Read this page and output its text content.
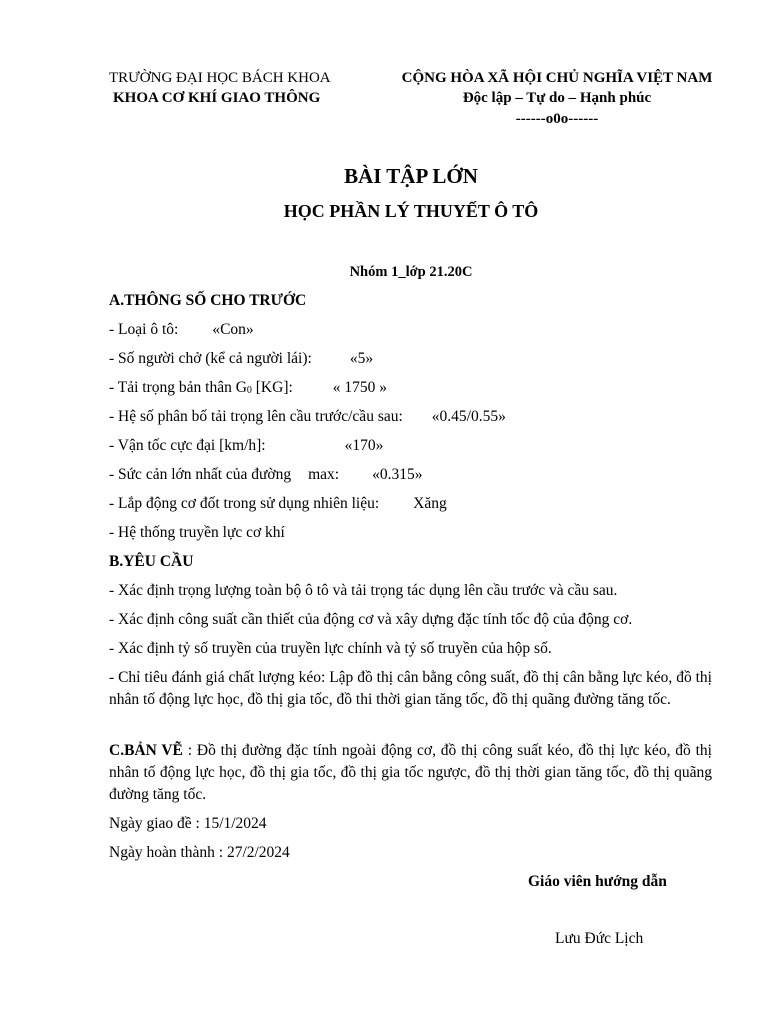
TRƯỜNG ĐẠI HỌC BÁCH KHOA
KHOA CƠ KHÍ GIAO THÔNG
CỘNG HÒA XÃ HỘI CHỦ NGHĨA VIỆT NAM
Độc lập – Tự do – Hạnh phúc
------o0o------
BÀI TẬP LỚN
HỌC PHẦN LÝ THUYẾT Ô TÔ
Nhóm 1_lớp 21.20C
A.THÔNG SỐ CHO TRƯỚC
- Loại ô tô: «Con»
- Số người chở (kể cả người lái): «5»
- Tải trọng bản thân $G_0$ [KG]:	« 1750 »
- Hệ số phân bố tải trọng lên cầu trước/cầu sau: «0.45/0.55»
- Vận tốc cực đại [km/h]:	«170»
- Sức cản lớn nhất của đường max: «0.315»
- Lắp động cơ đốt trong sử dụng nhiên liệu: Xăng
- Hệ thống truyền lực cơ khí
B.YÊU CẦU
- Xác định trọng lượng toàn bộ ô tô và tải trọng tác dụng lên cầu trước và cầu sau.
- Xác định công suất cần thiết của động cơ và xây dựng đặc tính tốc độ của động cơ.
- Xác định tỷ số truyền của truyền lực chính và tỷ số truyền của hộp số.
- Chỉ tiêu đánh giá chất lượng kéo: Lập đồ thị cân bằng công suất, đồ thị cân bằng lực kéo, đồ thị nhân tố động lực học, đồ thị gia tốc, đồ thi thời gian tăng tốc, đồ thị quãng đường tăng tốc.
C.BẢN VẼ : Đồ thị đường đặc tính ngoài động cơ, đồ thị công suất kéo, đồ thị lực kéo, đồ thị nhân tố động lực học, đồ thị gia tốc, đồ thị gia tốc ngược, đồ thị thời gian tăng tốc, đồ thị quãng đường tăng tốc.
Ngày giao đề : 15/1/2024
Ngày hoàn thành : 27/2/2024
Giáo viên hướng dẫn
Lưu Đức Lịch
